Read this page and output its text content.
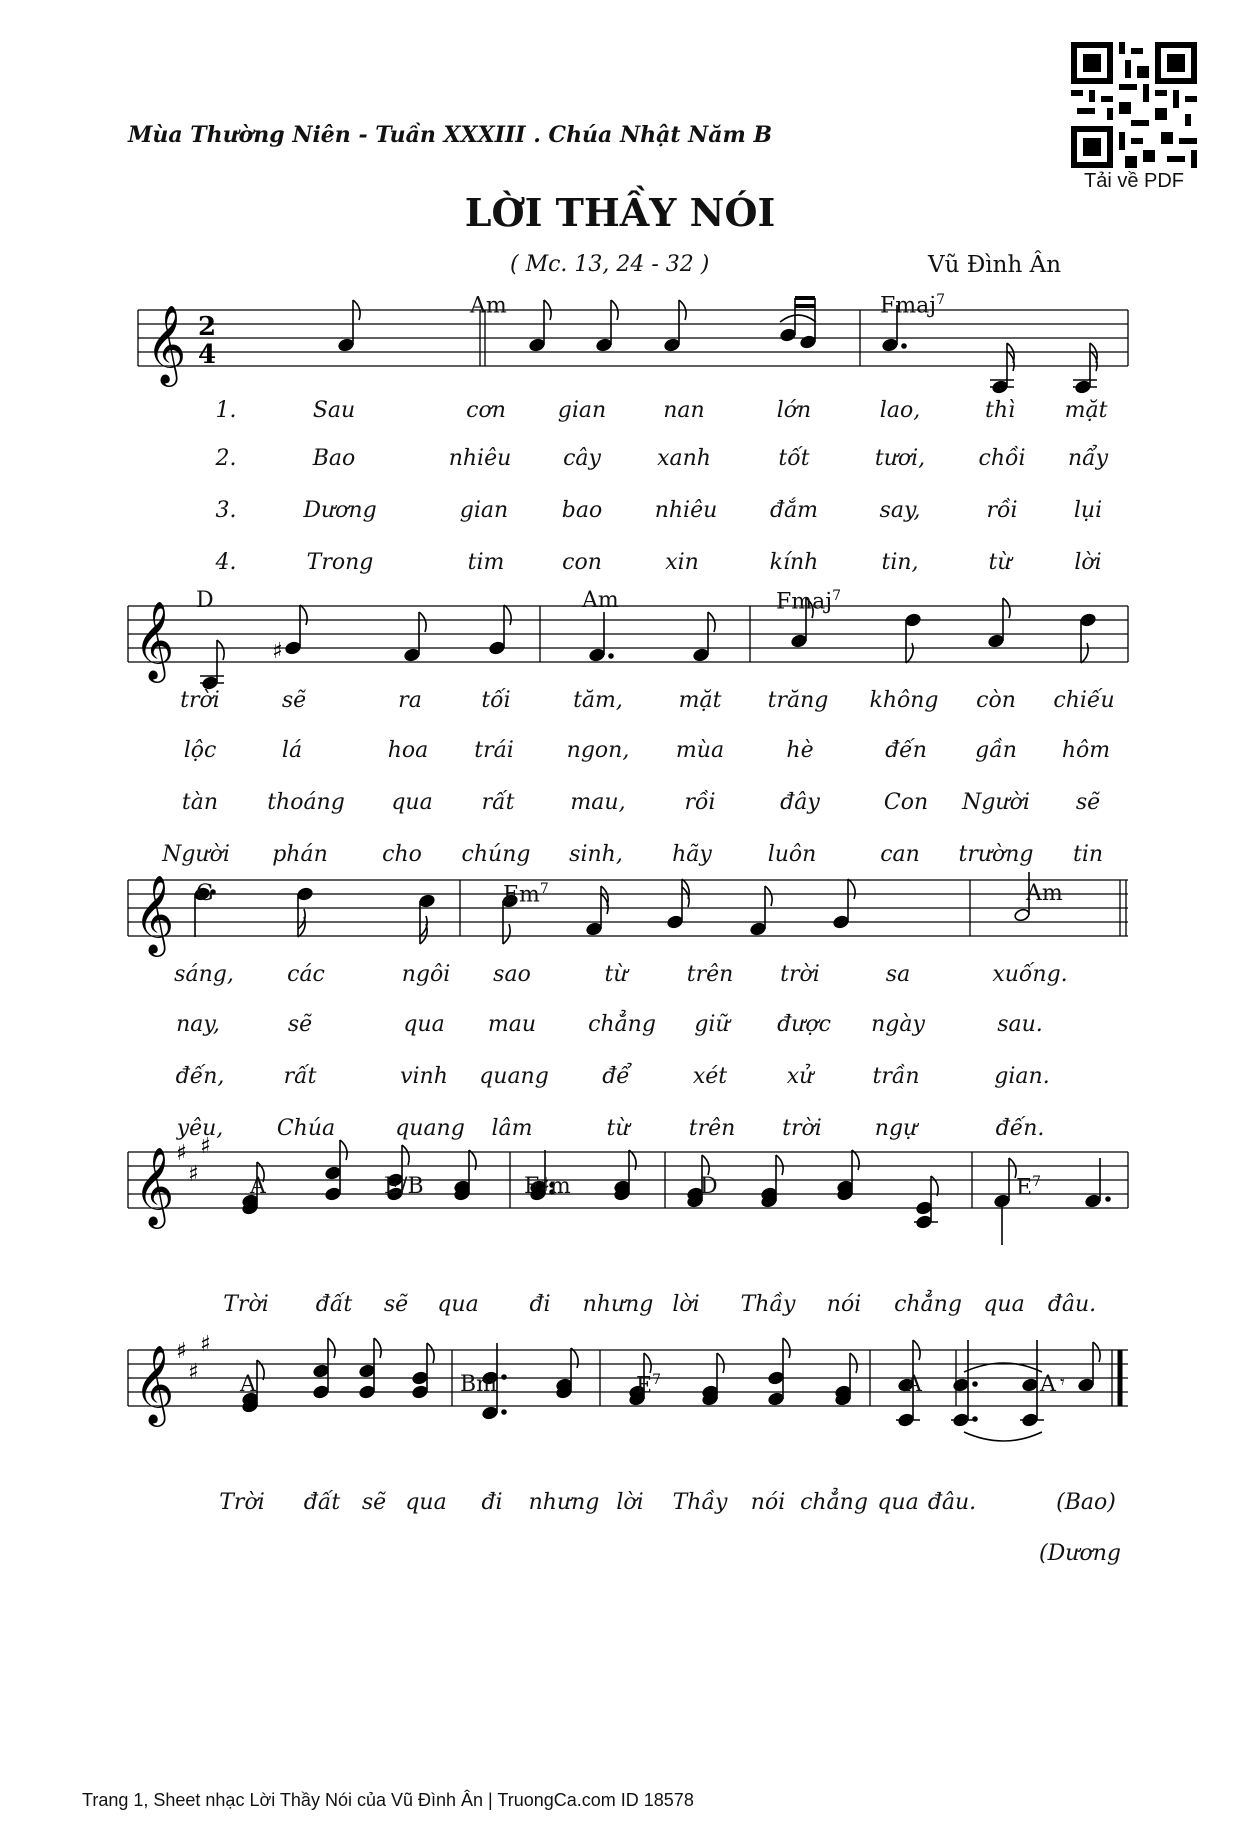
Mùa Thường Niên - Tuần XXXIII . Chúa Nhật Năm B
LỜI THẦY NÓI
( Mc. 13, 24 - 32 )	Vũ Đình Ân
Tải về PDF
𝄞 2
4
𝄞	♯
𝄞
𝄞 ♯
♯
♯
𝄞 ♯
♯
♯
𝄾
Am	Fmaj$^7$
D	Am	Fmaj$^7$
G	Em$^7$	Am
A	E/B	F♯m	D	$E^7$
A	Bm	$E^7$	A	A
1.	Sau	cơn gian	nan	lớn	lao,	thì mặt
2.	Bao	nhiêu cây	xanh	tốt	tươi, chồi nẩy
3.	Dương	gian bao nhiêu đắm	say,	rồi	lụi
4.	Trong	tim	con	xin	kính	tin,	từ	lời
trời	sẽ	ra	tối	tăm,	mặt trăng không còn chiếu
lộc	lá	hoa trái ngon, mùa	hè	đến gần hôm
tàn thoáng qua rất	mau,	rồi	đây	Con Người sẽ
Người phán cho chúng sinh, hãy	luôn	can trường tin
sáng, các	ngôi sao	từ	trên trời	sa	xuống.
nay,	sẽ	qua mau chẳng giữ được ngày	sau.
đến,	rất	vinh quang để	xét	xử	trần	gian.
yêu, Chúa	quang lâm	từ	trên trời ngự	đến.
Trời đất sẽ qua đi nhưng lời Thầy nói chẳng qua đâu.
Trời đất sẽ qua đi nhưng lời Thầy nói chẳng qua đâu.	(Bao)
(Dương
Trang 1, Sheet nhạc Lời Thầy Nói của Vũ Đình Ân | TruongCa.com ID 18578
